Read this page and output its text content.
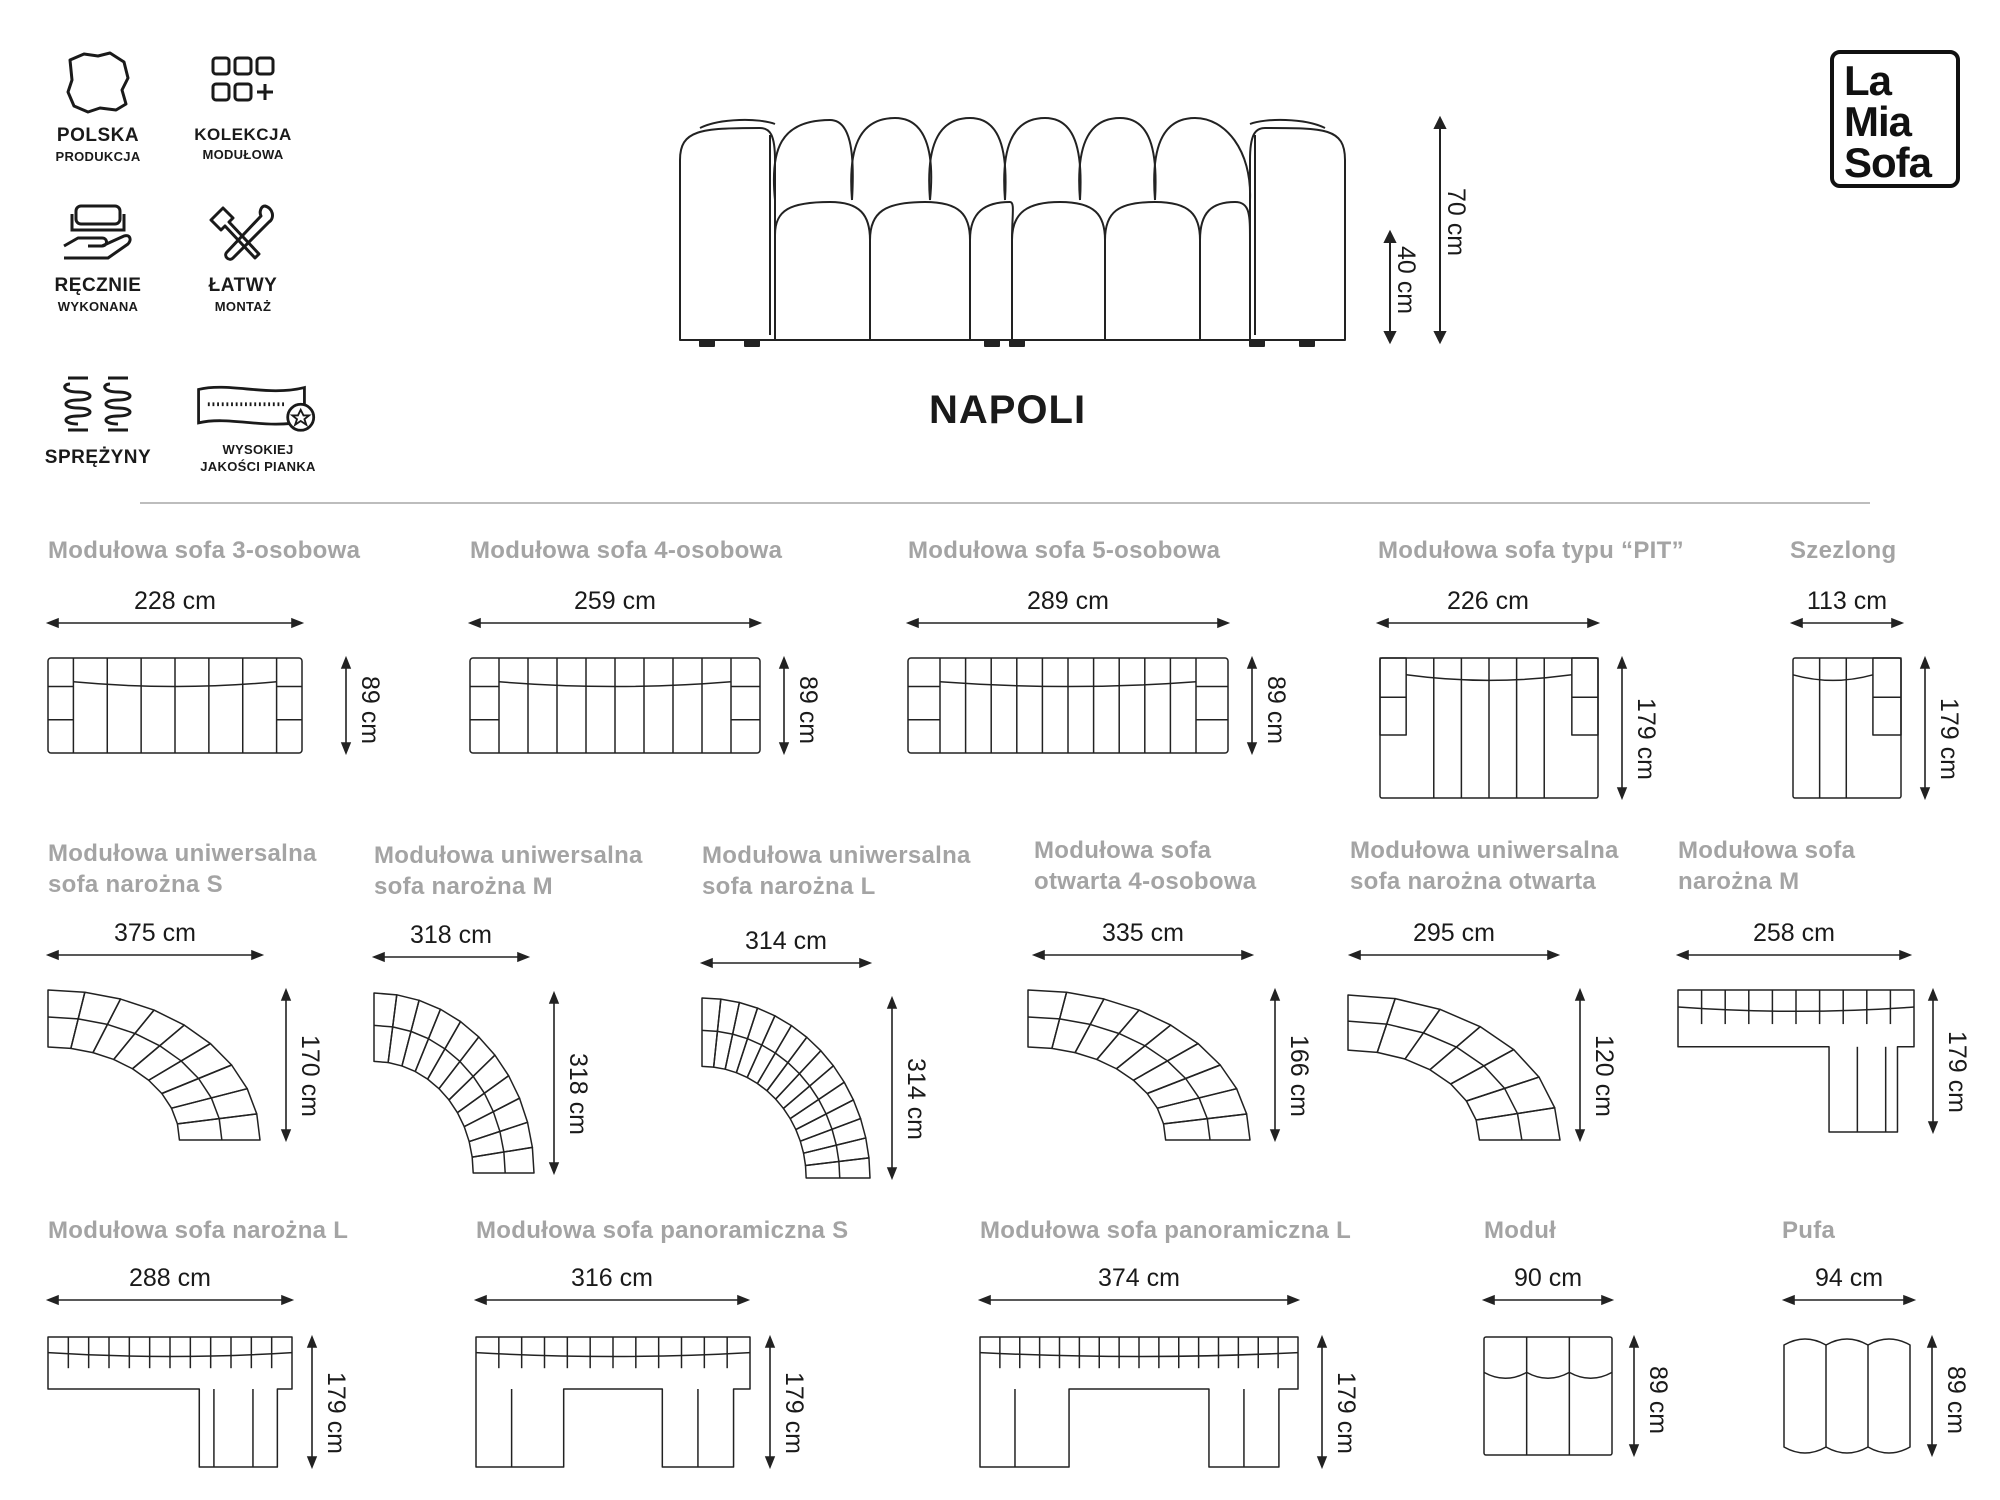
POLSKA
PRODUKCJA
KOLEKCJA
MODUŁOWA
RĘCZNIE
WYKONANA
ŁATWY
MONTAŻ
SPRĘŻYNY	WYSOKIEJ
JAKOŚCI PIANKA
La
Mia
Sofa
70 cm
40 cm
NAPOLI
Modułowa sofa 3-osobowa
228 cm
89 cm
Modułowa sofa 4-osobowa
259 cm
89 cm
Modułowa sofa 5-osobowa
289 cm
89 cm
Modułowa sofa typu “PIT”
226 cm
179 cm
Szezlong
113 cm
179 cm
Modułowa uniwersalna
sofa narożna S
375 cm
170 cm
Modułowa uniwersalna
sofa narożna M
318 cm
318 cm
Modułowa uniwersalna
sofa narożna L
314 cm
314 cm
Modułowa sofa
otwarta 4-osobowa
335 cm
166 cm
Modułowa uniwersalna
sofa narożna otwarta
295 cm
120 cm
Modułowa sofa
narożna M
258 cm
179 cm
Modułowa sofa narożna L
288 cm
179 cm
Modułowa sofa panoramiczna S
316 cm
179 cm
Modułowa sofa panoramiczna L
374 cm
179 cm
Moduł
90 cm
89 cm
Pufa
94 cm
89 cm
